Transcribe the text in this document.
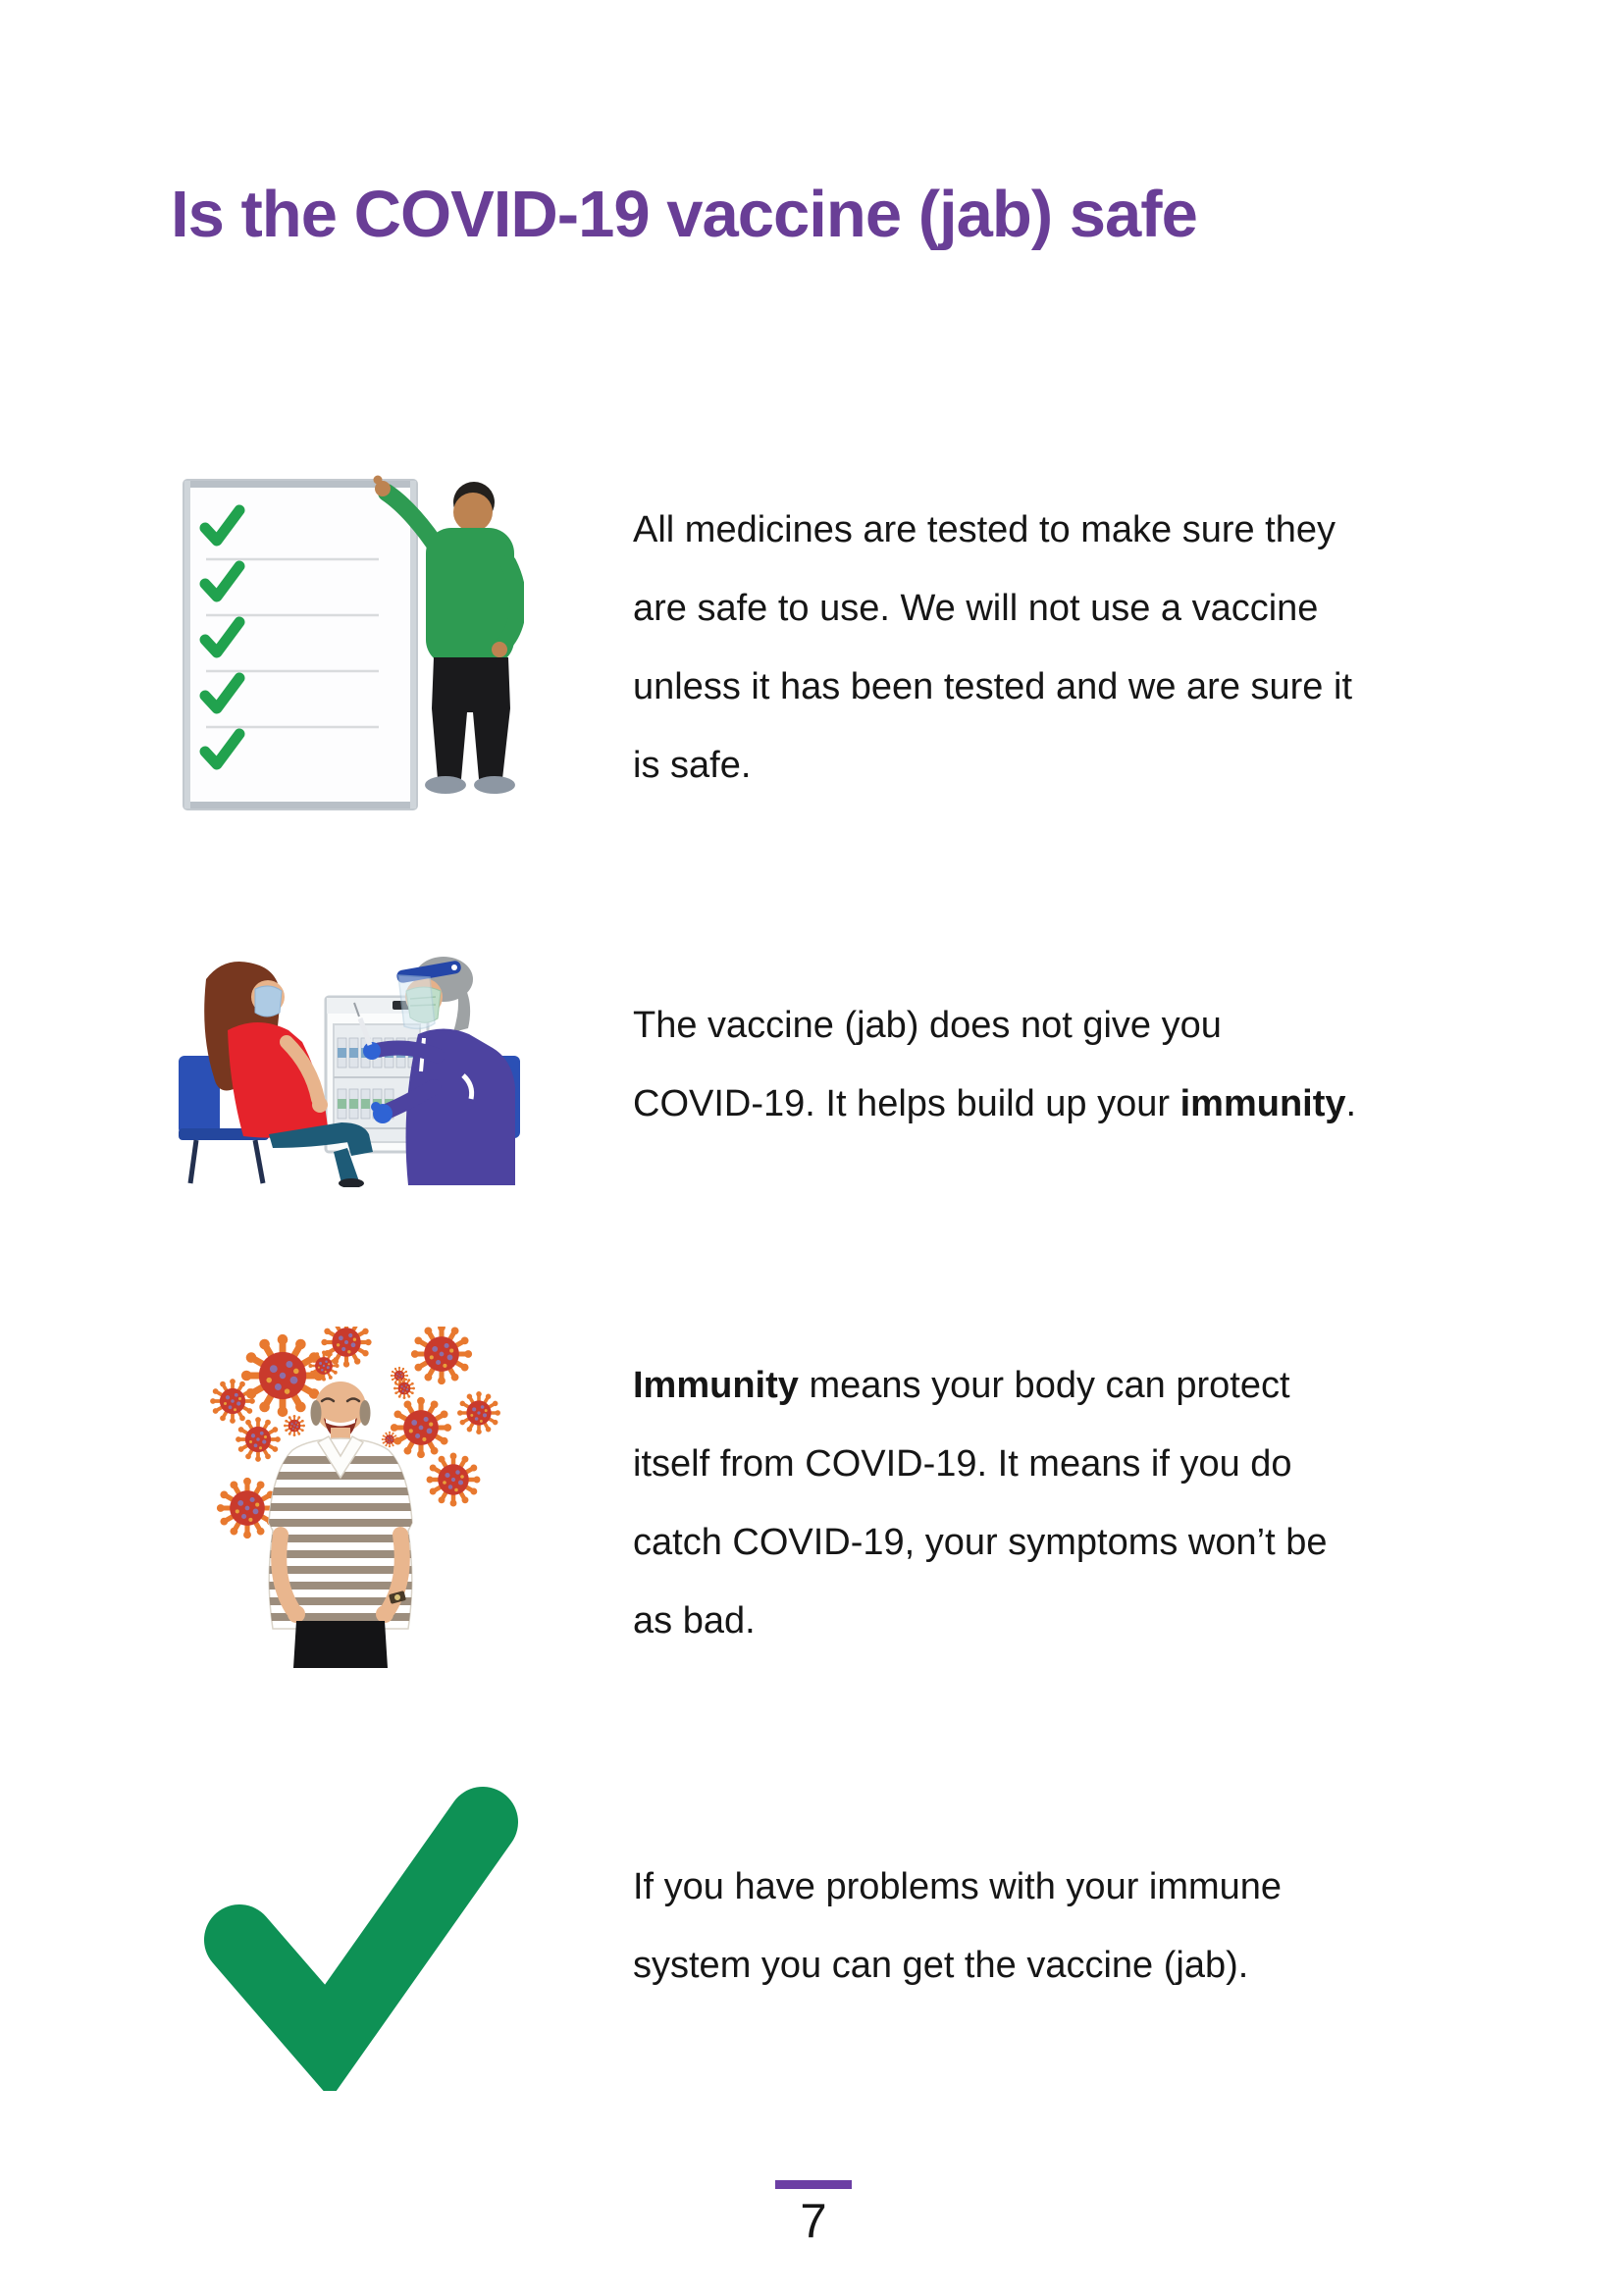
Is the COVID-19 vaccine (jab) safe
All medicines are tested to make sure they
are safe to use. We will not use a vaccine
unless it has been tested and we are sure it
is safe.
The vaccine (jab) does not give you
COVID-19. It helps build up your immunity.
Immunity means your body can protect
itself from COVID-19. It means if you do
catch COVID-19, your symptoms won’t be
as bad.
If you have problems with your immune
system you can get the vaccine (jab).
7
